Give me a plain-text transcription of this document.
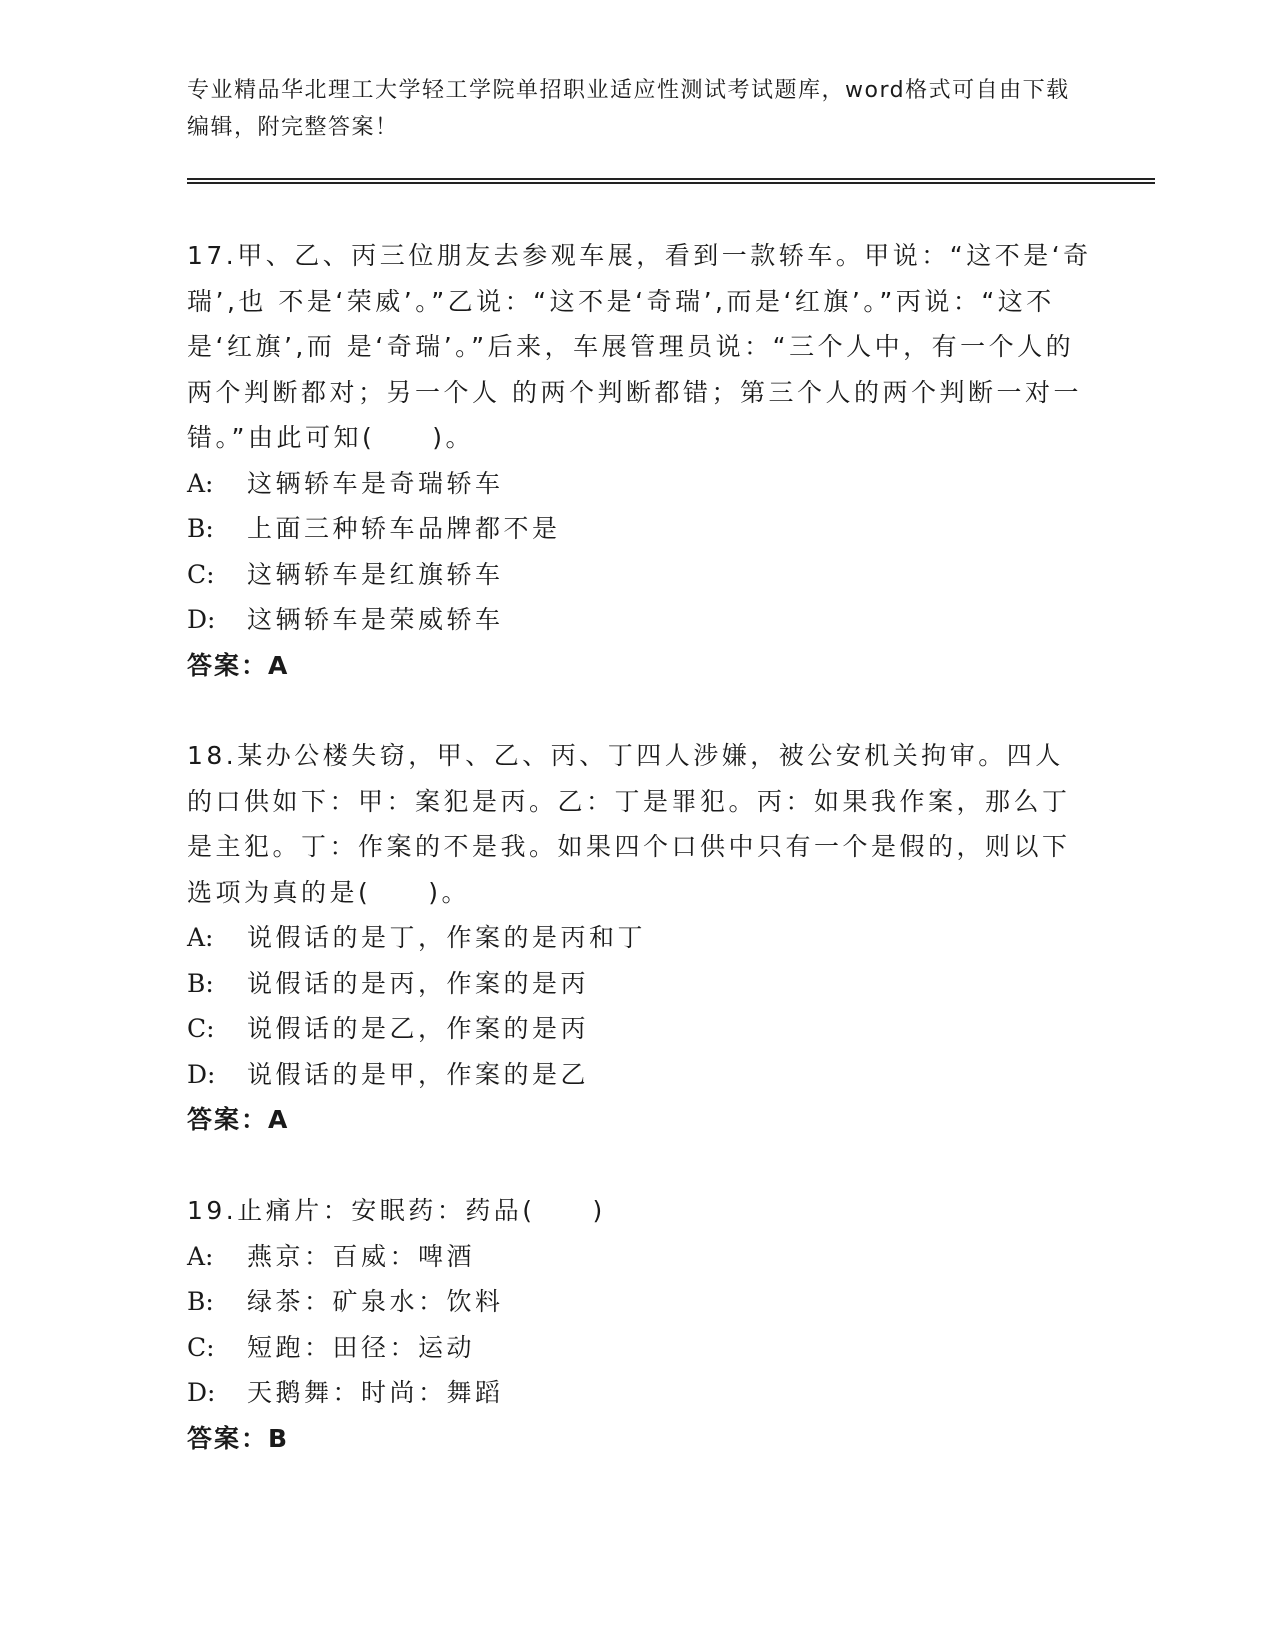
专业精品华北理工大学轻工学院单招职业适应性测试考试题库，word格式可自由下载编辑，附完整答案！
17.甲、乙、丙三位朋友去参观车展，看到一款轿车。甲说：“这不是‘奇瑞’,也 不是‘荣威’。”乙说：“这不是‘奇瑞’,而是‘红旗’。”丙说：“这不是‘红旗’,而 是‘奇瑞’。”后来，车展管理员说：“三个人中，有一个人的两个判断都对；另一个人 的两个判断都错；第三个人的两个判断一对一错。”由此可知(　　)。
A: 这辆轿车是奇瑞轿车
B: 上面三种轿车品牌都不是
C: 这辆轿车是红旗轿车
D: 这辆轿车是荣威轿车
答案：A
18.某办公楼失窃，甲、乙、丙、丁四人涉嫌，被公安机关拘审。四人的口供如下：甲：案犯是丙。乙：丁是罪犯。丙：如果我作案，那么丁是主犯。丁：作案的不是我。如果四个口供中只有一个是假的，则以下选项为真的是(　　)。
A: 说假话的是丁，作案的是丙和丁
B: 说假话的是丙，作案的是丙
C: 说假话的是乙，作案的是丙
D: 说假话的是甲，作案的是乙
答案：A
19.止痛片：安眠药：药品(　　)
A: 燕京：百威：啤酒
B: 绿茶：矿泉水：饮料
C: 短跑：田径：运动
D: 天鹅舞：时尚：舞蹈
答案：B
